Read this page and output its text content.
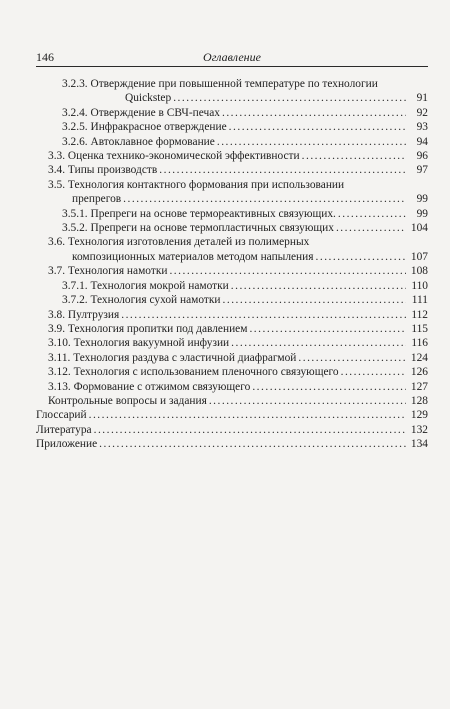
146	Оглавление
3.2.3. Отверждение при повышенной температуре по технологии
Quickstep .....	91
3.2.4. Отверждение в СВЧ-печах .....	92
3.2.5. Инфракрасное отверждение .....	93
3.2.6. Автоклавное формование .....	94
3.3. Оценка технико-экономической эффективности .....	96
3.4. Типы производств .....	97
3.5. Технология контактного формования при использовании
препрегов .....	99
3.5.1. Препреги на основе термореактивных связующих. .....	99
3.5.2. Препреги на основе термопластичных связующих .....	104
3.6. Технология изготовления деталей из полимерных
композиционных материалов методом напыления .....	107
3.7. Технология намотки .....	108
3.7.1. Технология мокрой намотки .....	110
3.7.2. Технология сухой намотки .....	111
3.8. Пултрузия .....	112
3.9. Технология пропитки под давлением .....	115
3.10. Технология вакуумной инфузии .....	116
3.11. Технология раздува с эластичной диафрагмой .....	124
3.12. Технология с использованием пленочного связующего .....	126
3.13. Формование с отжимом связующего .....	127
Контрольные вопросы и задания .....	128
Глоссарий .....	129
Литература .....	132
Приложение .....	134
